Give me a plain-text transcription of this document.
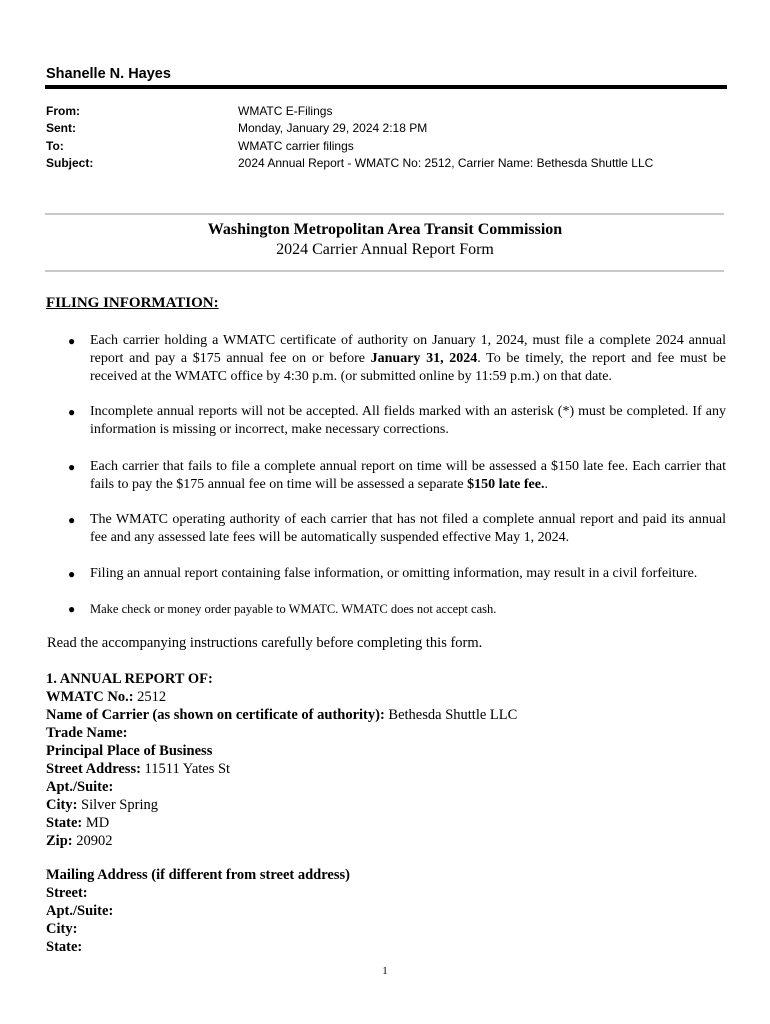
Shanelle N. Hayes
From:	WMATC E-Filings
Sent:	Monday, January 29, 2024 2:18 PM
To:	WMATC carrier filings
Subject:	2024 Annual Report - WMATC No: 2512, Carrier Name: Bethesda Shuttle LLC
Washington Metropolitan Area Transit Commission
2024 Carrier Annual Report Form
FILING INFORMATION:
● Each carrier holding a WMATC certificate of authority on January 1, 2024, must file a complete 2024 annual report and pay a $175 annual fee on or before January 31, 2024. To be timely, the report and fee must be received at the WMATC office by 4:30 p.m. (or submitted online by 11:59 p.m.) on that date.
● Incomplete annual reports will not be accepted. All fields marked with an asterisk (*) must be completed. If any information is missing or incorrect, make necessary corrections.
● Each carrier that fails to file a complete annual report on time will be assessed a $150 late fee. Each carrier that fails to pay the $175 annual fee on time will be assessed a separate $150 late fee..
● The WMATC operating authority of each carrier that has not filed a complete annual report and paid its annual fee and any assessed late fees will be automatically suspended effective May 1, 2024.
● Filing an annual report containing false information, or omitting information, may result in a civil forfeiture.
● Make check or money order payable to WMATC. WMATC does not accept cash.
Read the accompanying instructions carefully before completing this form.
1. ANNUAL REPORT OF:
WMATC No.: 2512
Name of Carrier (as shown on certificate of authority): Bethesda Shuttle LLC
Trade Name:
Principal Place of Business
Street Address: 11511 Yates St
Apt./Suite:
City: Silver Spring
State: MD
Zip: 20902
Mailing Address (if different from street address)
Street:
Apt./Suite:
City:
State:
1
